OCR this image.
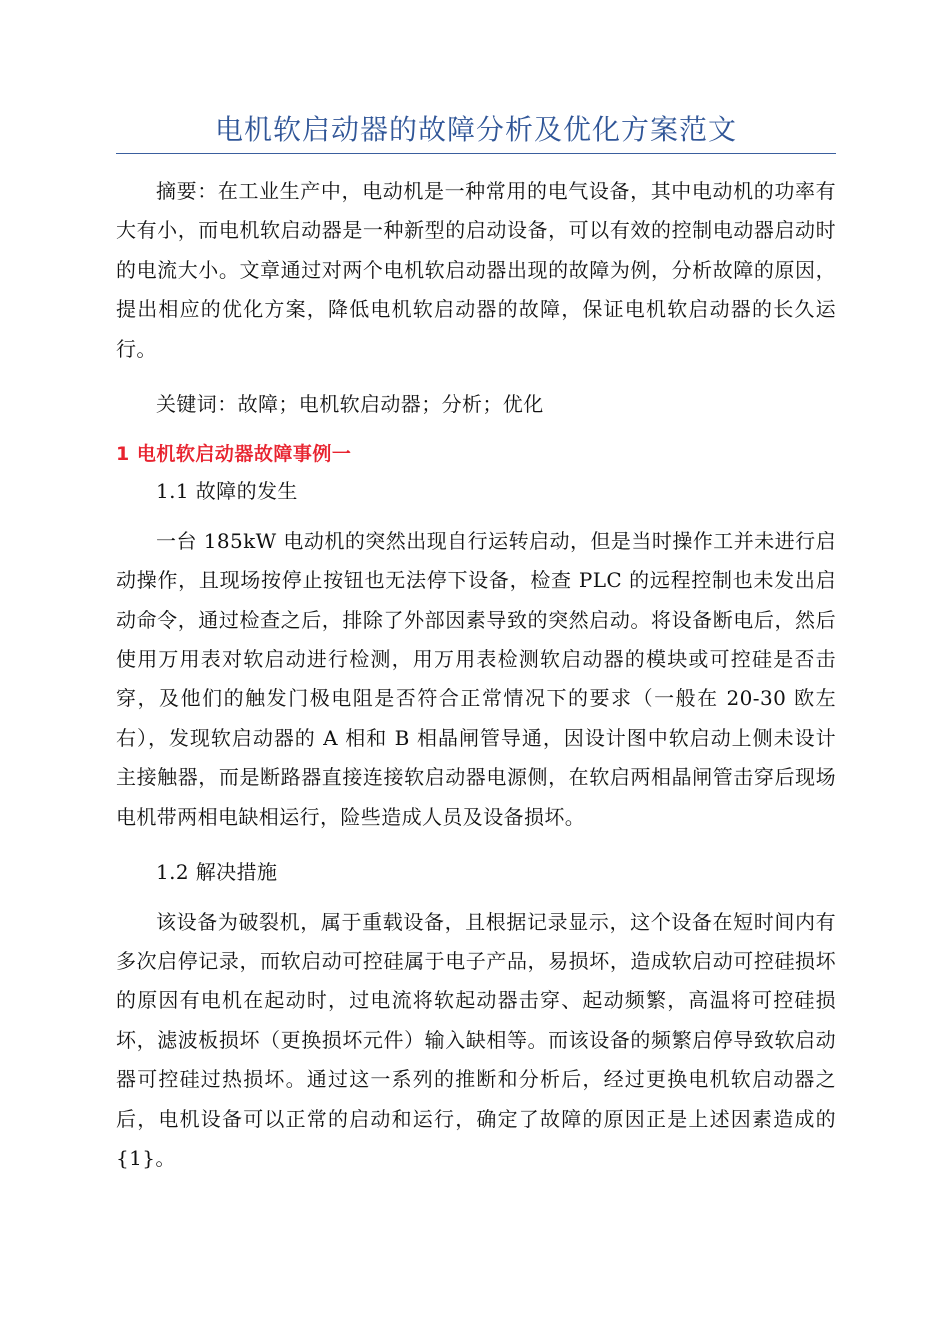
电机软启动器的故障分析及优化方案范文

摘要：在工业生产中，电动机是一种常用的电气设备，其中电动机的功率有大有小，而电机软启动器是一种新型的启动设备，可以有效的控制电动器启动时的电流大小。文章通过对两个电机软启动器出现的故障为例，分析故障的原因，提出相应的优化方案，降低电机软启动器的故障，保证电机软启动器的长久运行。

关键词：故障；电机软启动器；分析；优化

1 电机软启动器故障事例一

1.1 故障的发生

一台 185kW 电动机的突然出现自行运转启动，但是当时操作工并未进行启动操作，且现场按停止按钮也无法停下设备，检查 PLC 的远程控制也未发出启动命令，通过检查之后，排除了外部因素导致的突然启动。将设备断电后，然后使用万用表对软启动进行检测，用万用表检测软启动器的模块或可控硅是否击穿，及他们的触发门极电阻是否符合正常情况下的要求（一般在 20-30 欧左右），发现软启动器的 A 相和 B 相晶闸管导通，因设计图中软启动上侧未设计主接触器，而是断路器直接连接软启动器电源侧，在软启两相晶闸管击穿后现场电机带两相电缺相运行，险些造成人员及设备损坏。

1.2 解决措施

该设备为破裂机，属于重载设备，且根据记录显示，这个设备在短时间内有多次启停记录，而软启动可控硅属于电子产品，易损坏，造成软启动可控硅损坏的原因有电机在起动时，过电流将软起动器击穿、起动频繁，高温将可控硅损坏，滤波板损坏（更换损坏元件）输入缺相等。而该设备的频繁启停导致软启动器可控硅过热损坏。通过这一系列的推断和分析后，经过更换电机软启动器之后，电机设备可以正常的启动和运行，确定了故障的原因正是上述因素造成的{1}。
